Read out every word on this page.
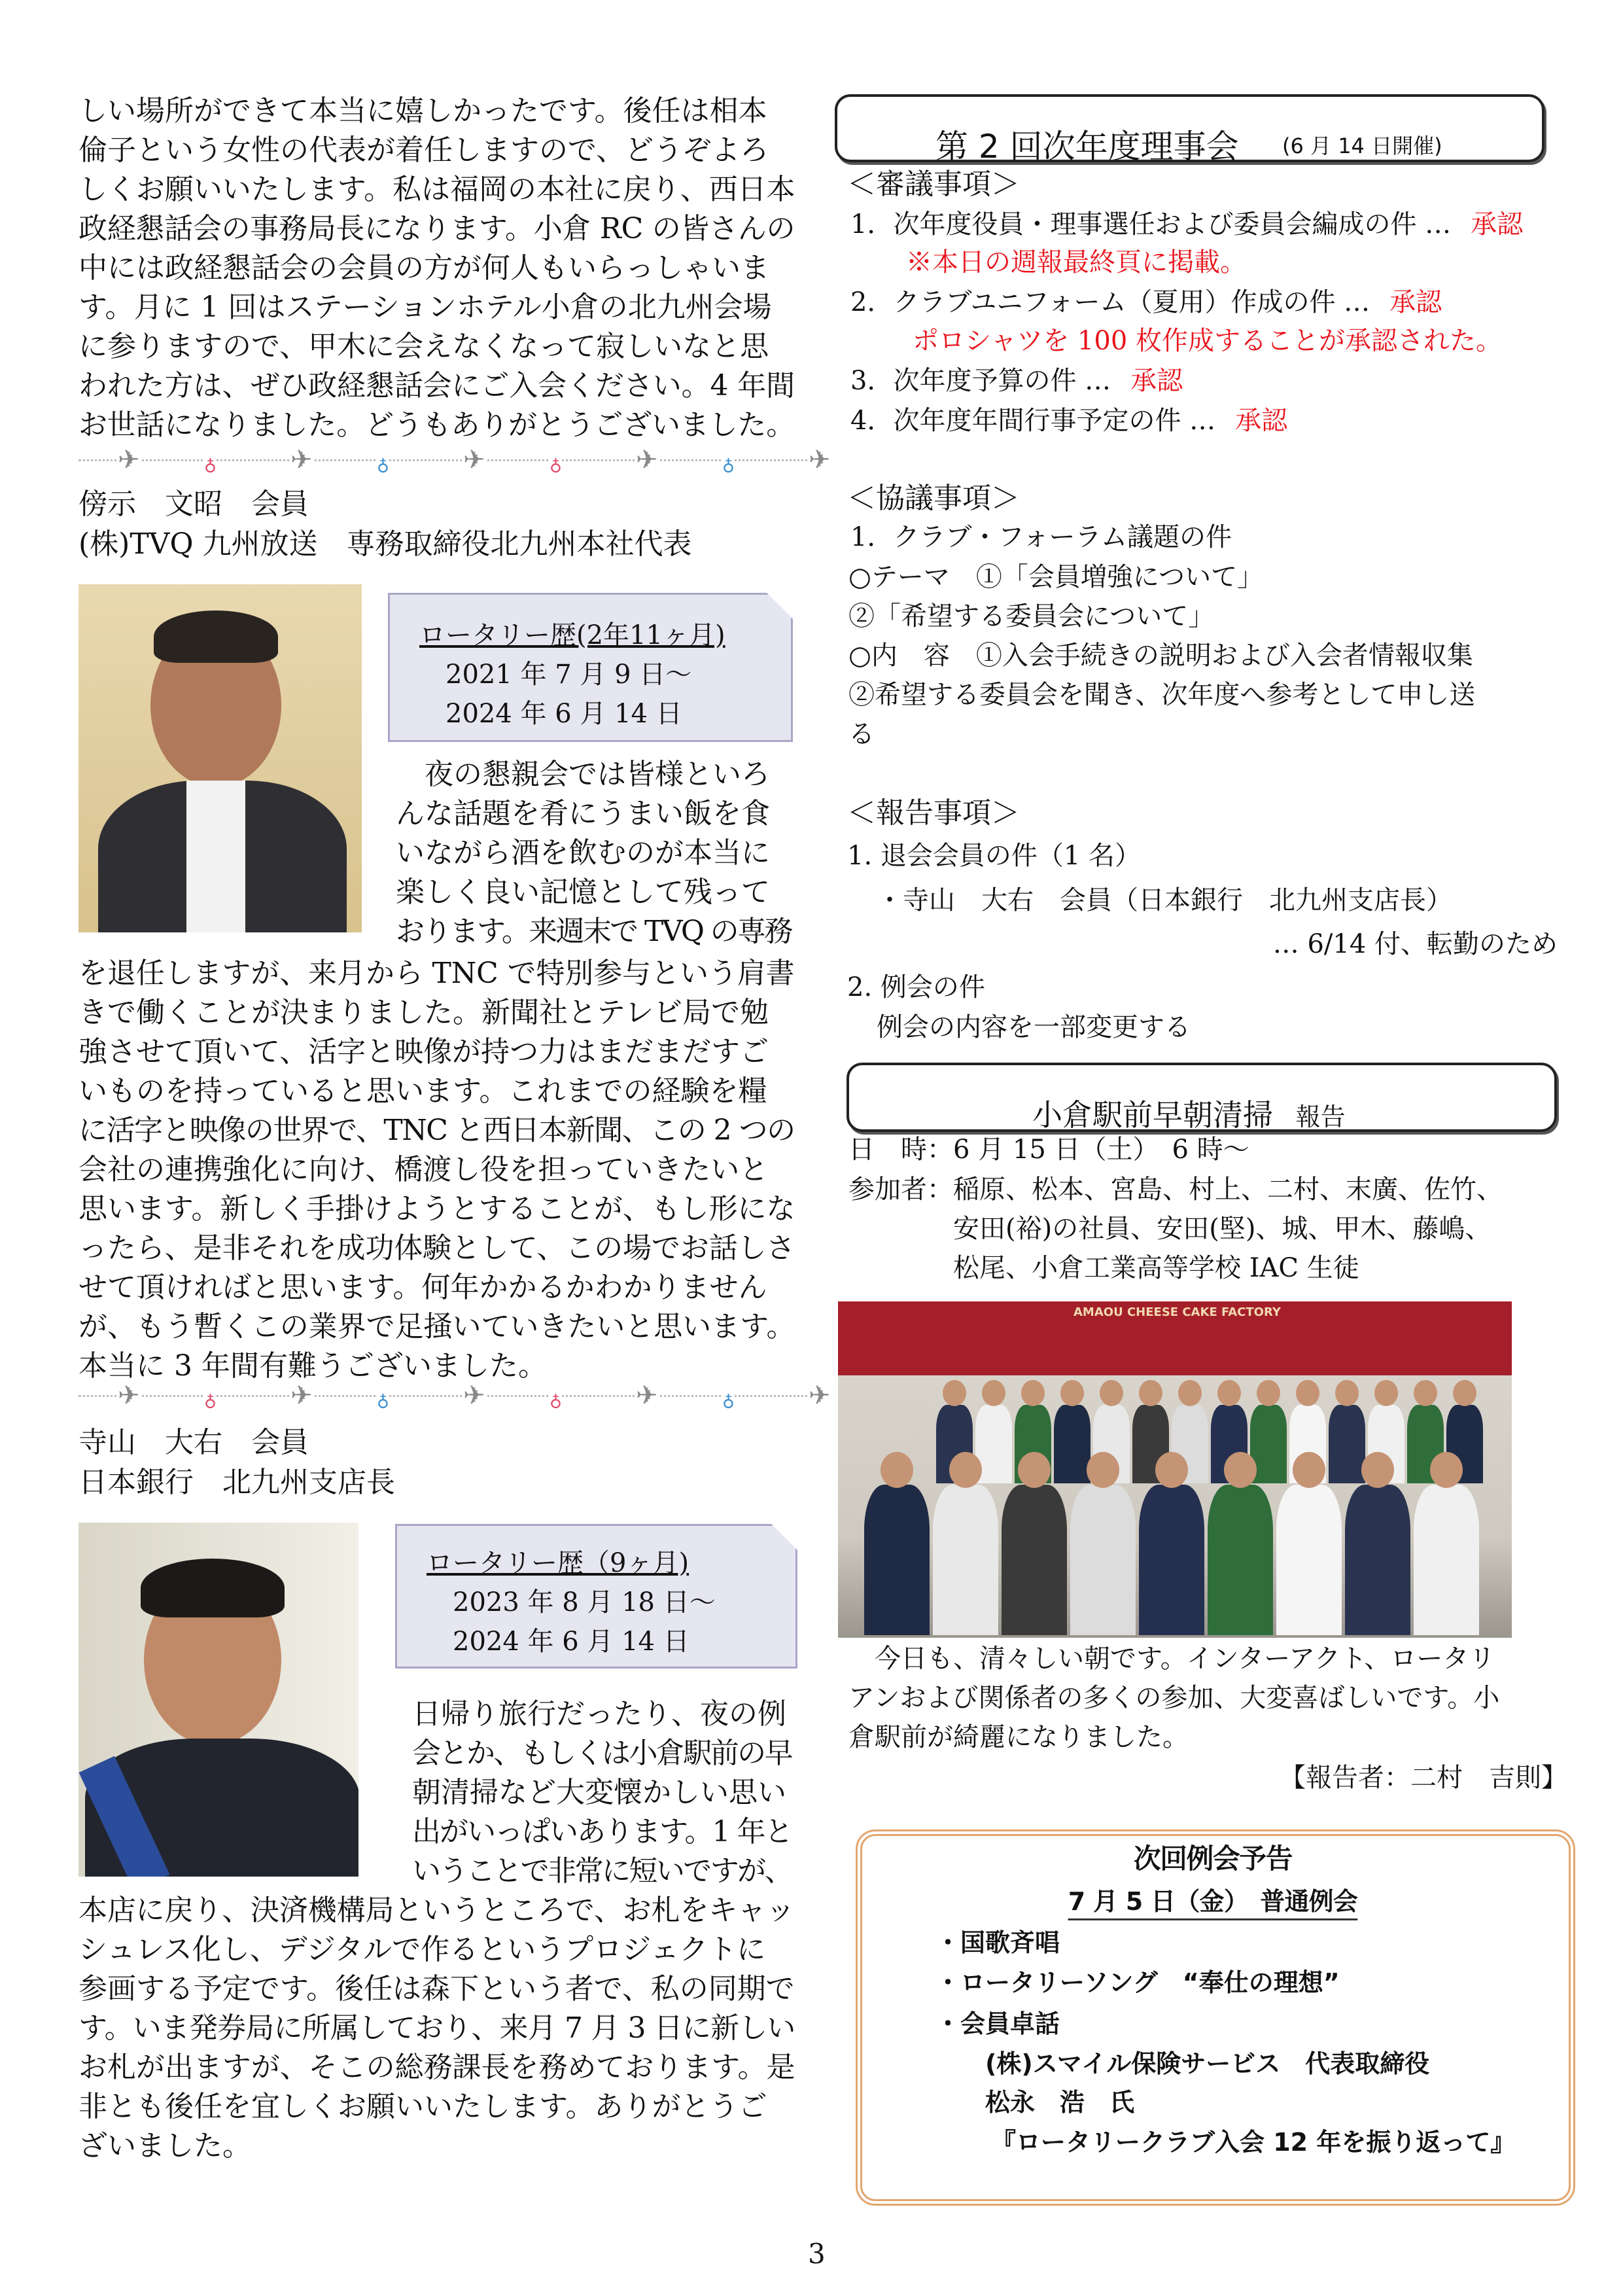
しい場所ができて本当に嬉しかったです。後任は相本
倫子という女性の代表が着任しますので、どうぞよろ
しくお願いいたします。私は福岡の本社に戻り、西日本
政経懇話会の事務局長になります。小倉 RC の皆さんの
中には政経懇話会の会員の方が何人もいらっしゃいま
す。月に 1 回はステーションホテル小倉の北九州会場
に参りますので、甲木に会えなくなって寂しいなと思
われた方は、ぜひ政経懇話会にご入会ください。4 年間
お世話になりました。どうもありがとうございました。
　夜の懇親会では皆様といろ
んな話題を肴にうまい飯を食
いながら酒を飲むのが本当に
楽しく良い記憶として残って
おります。来週末で TVQ の専務
を退任しますが、来月から TNC で特別参与という肩書
きで働くことが決まりました。新聞社とテレビ局で勉
強させて頂いて、活字と映像が持つ力はまだまだすご
いものを持っていると思います。これまでの経験を糧
に活字と映像の世界で、TNC と西日本新聞、この 2 つの
会社の連携強化に向け、橋渡し役を担っていきたいと
思います。新しく手掛けようとすることが、もし形にな
ったら、是非それを成功体験として、この場でお話しさ
せて頂ければと思います。何年かかるかわかりません
が、もう暫くこの業界で足掻いていきたいと思います。
本当に 3 年間有難うございました。
日帰り旅行だったり、夜の例
会とか、もしくは小倉駅前の早
朝清掃など大変懐かしい思い
出がいっぱいあります。1 年と
いうことで非常に短いですが、
本店に戻り、決済機構局というところで、お札をキャッ
シュレス化し、デジタルで作るというプロジェクトに
参画する予定です。後任は森下という者で、私の同期で
す。いま発券局に所属しており、来月 7 月 3 日に新しい
お札が出ますが、そこの総務課長を務めております。是
非とも後任を宜しくお願いいたします。ありがとうご
ざいました。
✈	♁	✈	♁	✈	♁	✈	♁	✈
✈	♁	✈	♁	✈	♁	✈	♁	✈
傍示　文昭　会員
(株)TVQ 九州放送　専務取締役北九州本社代表
ロータリー歴(2年11ヶ月)
2021 年 7 月 9 日～
2024 年 6 月 14 日
寺山　大右　会員
日本銀行　北九州支店長
ロータリー歴（9ヶ月)
2023 年 8 月 18 日～
2024 年 6 月 14 日
3
第 2 回次年度理事会 (6 月 14 日開催)
＜審議事項＞
1．次年度役員・理事選任および委員会編成の件 … 承認
※本日の週報最終頁に掲載。
2．クラブユニフォーム（夏用）作成の件 … 承認
ポロシャツを 100 枚作成することが承認された。
3．次年度予算の件 … 承認
4．次年度年間行事予定の件 … 承認
＜協議事項＞
1．クラブ・フォーラム議題の件
○テーマ　①「会員増強について」
②「希望する委員会について」
○内　容　①入会手続きの説明および入会者情報収集
②希望する委員会を聞き、次年度へ参考として申し送
る
＜報告事項＞
1. 退会会員の件（1 名）
・寺山　大右　会員（日本銀行　北九州支店長）
… 6/14 付、転勤のため
2. 例会の件
例会の内容を一部変更する
小倉駅前早朝清掃 報告
日　時：6 月 15 日（土）　6 時～
参加者：稲原、松本、宮島、村上、二村、末廣、佐竹、
　　　　安田(裕)の社員、安田(堅)、城、甲木、藤嶋、
　　　　松尾、小倉工業高等学校 IAC 生徒
AMAOU CHEESE CAKE FACTORY
　今日も、清々しい朝です。インターアクト、ロータリ
アンおよび関係者の多くの参加、大変喜ばしいです。小
倉駅前が綺麗になりました。
【報告者：二村　吉則】
次回例会予告
7 月 5 日（金）　普通例会
・国歌斉唱
・ロータリーソング　“奉仕の理想”
・会員卓話
(株)スマイル保険サービス　代表取締役
松永　浩　氏
『ロータリークラブ入会 12 年を振り返って』
